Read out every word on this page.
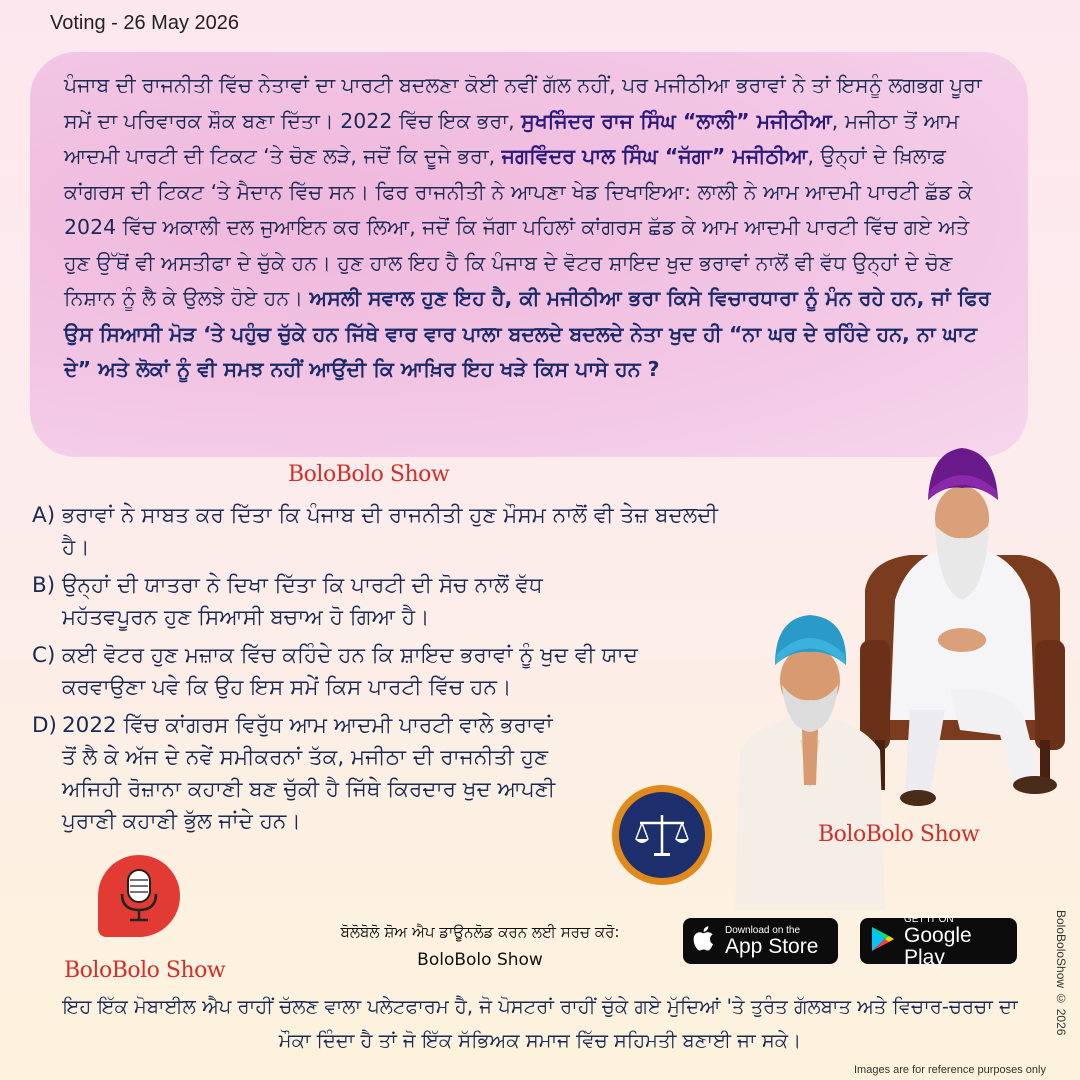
Voting - 26 May 2026

ਪੰਜਾਬ ਦੀ ਰਾਜਨੀਤੀ ਵਿੱਚ ਨੇਤਾਵਾਂ ਦਾ ਪਾਰਟੀ ਬਦਲਣਾ ਕੋਈ ਨਵੀਂ ਗੱਲ ਨਹੀਂ, ਪਰ ਮਜੀਠੀਆ ਭਰਾਵਾਂ ਨੇ ਤਾਂ ਇਸਨੂੰ ਲਗਭਗ ਪੂਰਾ ਸਮੇਂ ਦਾ ਪਰਿਵਾਰਕ ਸ਼ੌਕ ਬਣਾ ਦਿੱਤਾ। 2022 ਵਿੱਚ ਇਕ ਭਰਾ, ਸੁਖਜਿੰਦਰ ਰਾਜ ਸਿੰਘ “ਲਾਲੀ” ਮਜੀਠੀਆ, ਮਜੀਠਾ ਤੋਂ ਆਮ ਆਦਮੀ ਪਾਰਟੀ ਦੀ ਟਿਕਟ ‘ਤੇ ਚੋਣ ਲੜੇ, ਜਦੋਂ ਕਿ ਦੂਜੇ ਭਰਾ, ਜਗਵਿੰਦਰ ਪਾਲ ਸਿੰਘ “ਜੱਗਾ” ਮਜੀਠੀਆ, ਉਨ੍ਹਾਂ ਦੇ ਖ਼ਿਲਾਫ਼ ਕਾਂਗਰਸ ਦੀ ਟਿਕਟ ‘ਤੇ ਮੈਦਾਨ ਵਿੱਚ ਸਨ। ਫਿਰ ਰਾਜਨੀਤੀ ਨੇ ਆਪਣਾ ਖੇਡ ਦਿਖਾਇਆ: ਲਾਲੀ ਨੇ ਆਮ ਆਦਮੀ ਪਾਰਟੀ ਛੱਡ ਕੇ 2024 ਵਿੱਚ ਅਕਾਲੀ ਦਲ ਜੁਆਇਨ ਕਰ ਲਿਆ, ਜਦੋਂ ਕਿ ਜੱਗਾ ਪਹਿਲਾਂ ਕਾਂਗਰਸ ਛੱਡ ਕੇ ਆਮ ਆਦਮੀ ਪਾਰਟੀ ਵਿੱਚ ਗਏ ਅਤੇ ਹੁਣ ਉੱਥੋਂ ਵੀ ਅਸਤੀਫਾ ਦੇ ਚੁੱਕੇ ਹਨ। ਹੁਣ ਹਾਲ ਇਹ ਹੈ ਕਿ ਪੰਜਾਬ ਦੇ ਵੋਟਰ ਸ਼ਾਇਦ ਖੁਦ ਭਰਾਵਾਂ ਨਾਲੋਂ ਵੀ ਵੱਧ ਉਨ੍ਹਾਂ ਦੇ ਚੋਣ ਨਿਸ਼ਾਨ ਨੂੰ ਲੈ ਕੇ ਉਲਝੇ ਹੋਏ ਹਨ। ਅਸਲੀ ਸਵਾਲ ਹੁਣ ਇਹ ਹੈ, ਕੀ ਮਜੀਠੀਆ ਭਰਾ ਕਿਸੇ ਵਿਚਾਰਧਾਰਾ ਨੂੰ ਮੰਨ ਰਹੇ ਹਨ, ਜਾਂ ਫਿਰ ਉਸ ਸਿਆਸੀ ਮੋੜ ‘ਤੇ ਪਹੁੰਚ ਚੁੱਕੇ ਹਨ ਜਿੱਥੇ ਵਾਰ ਵਾਰ ਪਾਲਾ ਬਦਲਦੇ ਬਦਲਦੇ ਨੇਤਾ ਖੁਦ ਹੀ “ਨਾ ਘਰ ਦੇ ਰਹਿੰਦੇ ਹਨ, ਨਾ ਘਾਟ ਦੇ” ਅਤੇ ਲੋਕਾਂ ਨੂੰ ਵੀ ਸਮਝ ਨਹੀਂ ਆਉਂਦੀ ਕਿ ਆਖ਼ਿਰ ਇਹ ਖੜੇ ਕਿਸ ਪਾਸੇ ਹਨ ?

BoloBolo Show
A) ਭਰਾਵਾਂ ਨੇ ਸਾਬਤ ਕਰ ਦਿੱਤਾ ਕਿ ਪੰਜਾਬ ਦੀ ਰਾਜਨੀਤੀ ਹੁਣ ਮੌਸਮ ਨਾਲੋਂ ਵੀ ਤੇਜ਼ ਬਦਲਦੀ ਹੈ।
B) ਉਨ੍ਹਾਂ ਦੀ ਯਾਤਰਾ ਨੇ ਦਿਖਾ ਦਿੱਤਾ ਕਿ ਪਾਰਟੀ ਦੀ ਸੋਚ ਨਾਲੋਂ ਵੱਧ ਮਹੱਤਵਪੂਰਨ ਹੁਣ ਸਿਆਸੀ ਬਚਾਅ ਹੋ ਗਿਆ ਹੈ।
C) ਕਈ ਵੋਟਰ ਹੁਣ ਮਜ਼ਾਕ ਵਿੱਚ ਕਹਿੰਦੇ ਹਨ ਕਿ ਸ਼ਾਇਦ ਭਰਾਵਾਂ ਨੂੰ ਖੁਦ ਵੀ ਯਾਦ ਕਰਵਾਉਣਾ ਪਵੇ ਕਿ ਉਹ ਇਸ ਸਮੇਂ ਕਿਸ ਪਾਰਟੀ ਵਿੱਚ ਹਨ।
D) 2022 ਵਿੱਚ ਕਾਂਗਰਸ ਵਿਰੁੱਧ ਆਮ ਆਦਮੀ ਪਾਰਟੀ ਵਾਲੇ ਭਰਾਵਾਂ ਤੋਂ ਲੈ ਕੇ ਅੱਜ ਦੇ ਨਵੇਂ ਸਮੀਕਰਨਾਂ ਤੱਕ, ਮਜੀਠਾ ਦੀ ਰਾਜਨੀਤੀ ਹੁਣ ਅਜਿਹੀ ਰੋਜ਼ਾਨਾ ਕਹਾਣੀ ਬਣ ਚੁੱਕੀ ਹੈ ਜਿੱਥੇ ਕਿਰਦਾਰ ਖੁਦ ਆਪਣੀ ਪੁਰਾਣੀ ਕਹਾਣੀ ਭੁੱਲ ਜਾਂਦੇ ਹਨ।
BoloBolo Show
BoloBolo Show
ਬੋਲੋਬੋਲੋ ਸ਼ੋਅ ਐਪ ਡਾਊਨਲੋਡ ਕਰਨ ਲਈ ਸਰਚ ਕਰੋ:
BoloBolo Show
Download on the
App Store
GET IT ON
Google Play	BoloBoloShow © 2026
ਇਹ ਇੱਕ ਮੋਬਾਈਲ ਐਪ ਰਾਹੀਂ ਚੱਲਣ ਵਾਲਾ ਪਲੇਟਫਾਰਮ ਹੈ, ਜੋ ਪੋਸਟਰਾਂ ਰਾਹੀਂ ਚੁੱਕੇ ਗਏ ਮੁੱਦਿਆਂ 'ਤੇ ਤੁਰੰਤ ਗੱਲਬਾਤ ਅਤੇ ਵਿਚਾਰ-ਚਰਚਾ ਦਾ ਮੌਕਾ ਦਿੰਦਾ ਹੈ ਤਾਂ ਜੋ ਇੱਕ ਸੱਭਿਅਕ ਸਮਾਜ ਵਿੱਚ ਸਹਿਮਤੀ ਬਣਾਈ ਜਾ ਸਕੇ।
Images are for reference purposes only
